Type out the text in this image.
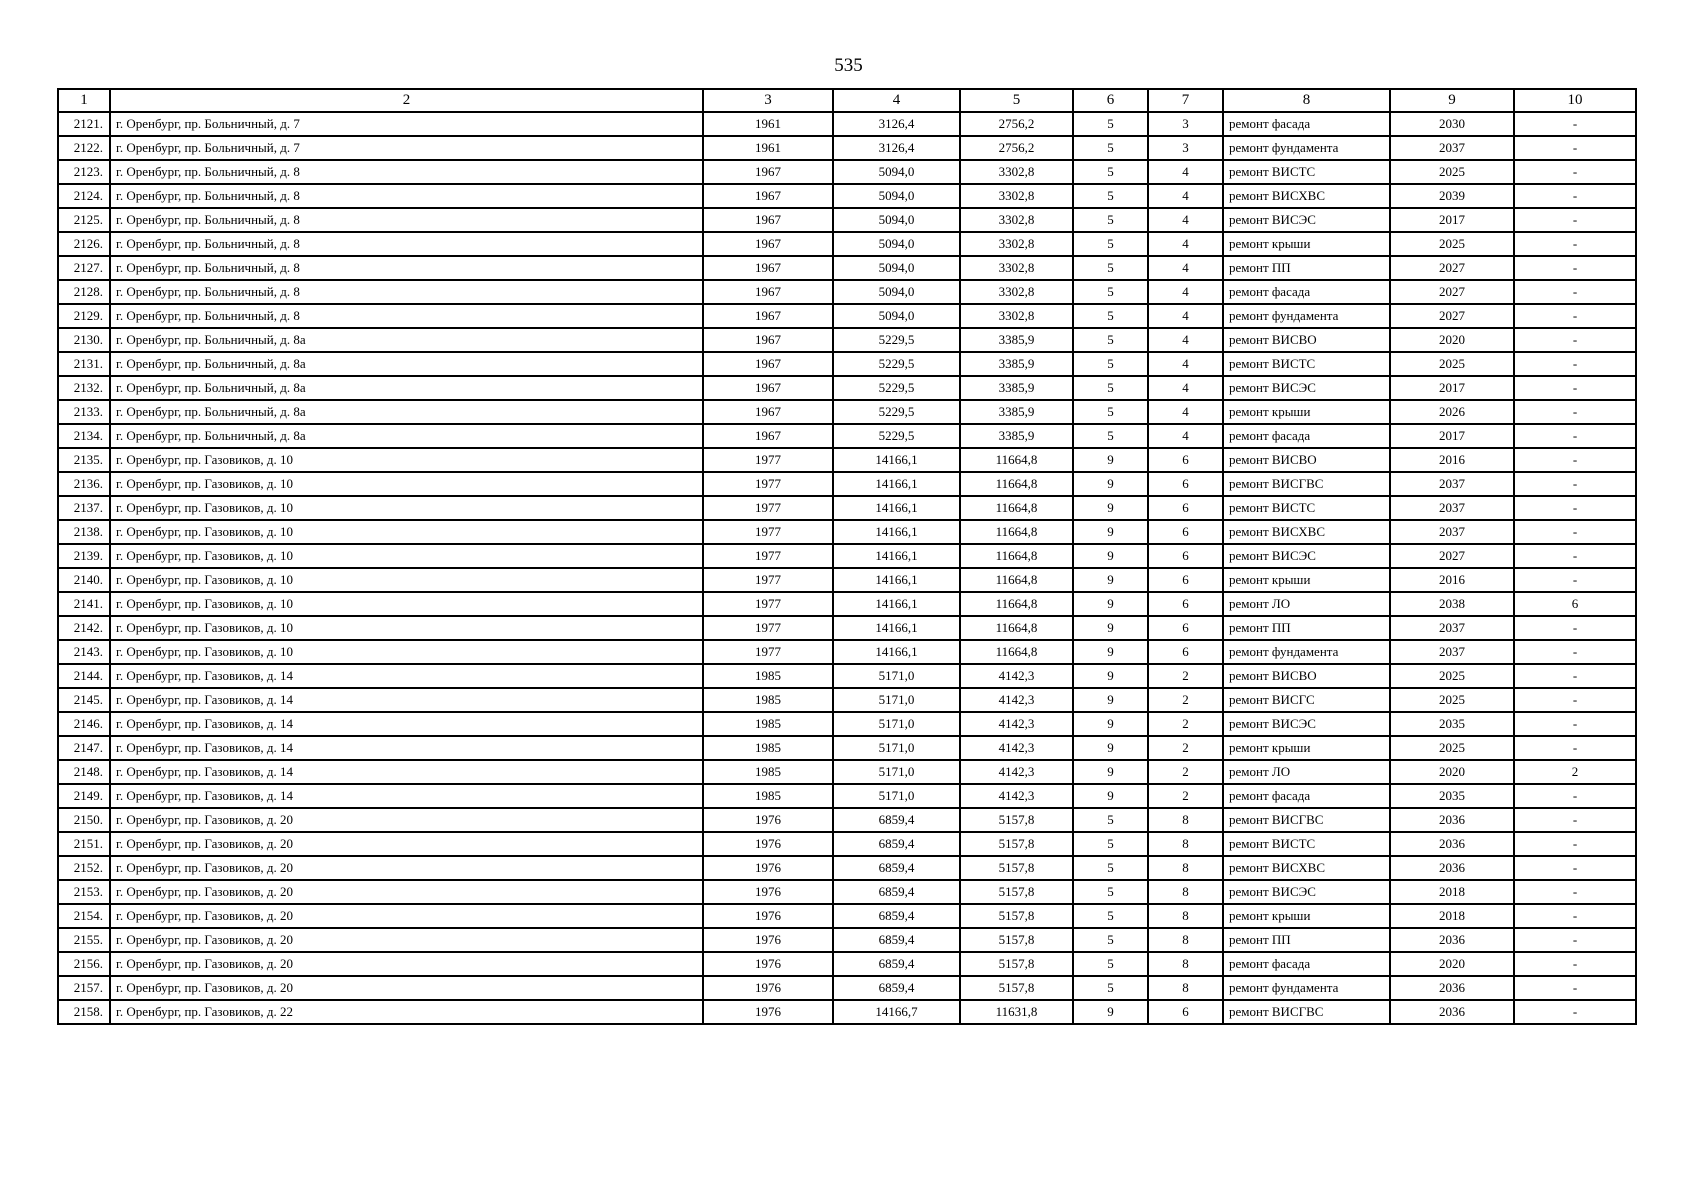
535
1	2	3	4	5	6	7	8	9	10
2121.	г. Оренбург, пр. Больничный, д. 7	1961	3126,4	2756,2	5	3	ремонт фасада	2030	-
2122.	г. Оренбург, пр. Больничный, д. 7	1961	3126,4	2756,2	5	3	ремонт фундамента	2037	-
2123.	г. Оренбург, пр. Больничный, д. 8	1967	5094,0	3302,8	5	4	ремонт ВИСТС	2025	-
2124.	г. Оренбург, пр. Больничный, д. 8	1967	5094,0	3302,8	5	4	ремонт ВИСХВС	2039	-
2125.	г. Оренбург, пр. Больничный, д. 8	1967	5094,0	3302,8	5	4	ремонт ВИСЭС	2017	-
2126.	г. Оренбург, пр. Больничный, д. 8	1967	5094,0	3302,8	5	4	ремонт крыши	2025	-
2127.	г. Оренбург, пр. Больничный, д. 8	1967	5094,0	3302,8	5	4	ремонт ПП	2027	-
2128.	г. Оренбург, пр. Больничный, д. 8	1967	5094,0	3302,8	5	4	ремонт фасада	2027	-
2129.	г. Оренбург, пр. Больничный, д. 8	1967	5094,0	3302,8	5	4	ремонт фундамента	2027	-
2130.	г. Оренбург, пр. Больничный, д. 8а	1967	5229,5	3385,9	5	4	ремонт ВИСВО	2020	-
2131.	г. Оренбург, пр. Больничный, д. 8а	1967	5229,5	3385,9	5	4	ремонт ВИСТС	2025	-
2132.	г. Оренбург, пр. Больничный, д. 8а	1967	5229,5	3385,9	5	4	ремонт ВИСЭС	2017	-
2133.	г. Оренбург, пр. Больничный, д. 8а	1967	5229,5	3385,9	5	4	ремонт крыши	2026	-
2134.	г. Оренбург, пр. Больничный, д. 8а	1967	5229,5	3385,9	5	4	ремонт фасада	2017	-
2135.	г. Оренбург, пр. Газовиков, д. 10	1977	14166,1	11664,8	9	6	ремонт ВИСВО	2016	-
2136.	г. Оренбург, пр. Газовиков, д. 10	1977	14166,1	11664,8	9	6	ремонт ВИСГВС	2037	-
2137.	г. Оренбург, пр. Газовиков, д. 10	1977	14166,1	11664,8	9	6	ремонт ВИСТС	2037	-
2138.	г. Оренбург, пр. Газовиков, д. 10	1977	14166,1	11664,8	9	6	ремонт ВИСХВС	2037	-
2139.	г. Оренбург, пр. Газовиков, д. 10	1977	14166,1	11664,8	9	6	ремонт ВИСЭС	2027	-
2140.	г. Оренбург, пр. Газовиков, д. 10	1977	14166,1	11664,8	9	6	ремонт крыши	2016	-
2141.	г. Оренбург, пр. Газовиков, д. 10	1977	14166,1	11664,8	9	6	ремонт ЛО	2038	6
2142.	г. Оренбург, пр. Газовиков, д. 10	1977	14166,1	11664,8	9	6	ремонт ПП	2037	-
2143.	г. Оренбург, пр. Газовиков, д. 10	1977	14166,1	11664,8	9	6	ремонт фундамента	2037	-
2144.	г. Оренбург, пр. Газовиков, д. 14	1985	5171,0	4142,3	9	2	ремонт ВИСВО	2025	-
2145.	г. Оренбург, пр. Газовиков, д. 14	1985	5171,0	4142,3	9	2	ремонт ВИСГС	2025	-
2146.	г. Оренбург, пр. Газовиков, д. 14	1985	5171,0	4142,3	9	2	ремонт ВИСЭС	2035	-
2147.	г. Оренбург, пр. Газовиков, д. 14	1985	5171,0	4142,3	9	2	ремонт крыши	2025	-
2148.	г. Оренбург, пр. Газовиков, д. 14	1985	5171,0	4142,3	9	2	ремонт ЛО	2020	2
2149.	г. Оренбург, пр. Газовиков, д. 14	1985	5171,0	4142,3	9	2	ремонт фасада	2035	-
2150.	г. Оренбург, пр. Газовиков, д. 20	1976	6859,4	5157,8	5	8	ремонт ВИСГВС	2036	-
2151.	г. Оренбург, пр. Газовиков, д. 20	1976	6859,4	5157,8	5	8	ремонт ВИСТС	2036	-
2152.	г. Оренбург, пр. Газовиков, д. 20	1976	6859,4	5157,8	5	8	ремонт ВИСХВС	2036	-
2153.	г. Оренбург, пр. Газовиков, д. 20	1976	6859,4	5157,8	5	8	ремонт ВИСЭС	2018	-
2154.	г. Оренбург, пр. Газовиков, д. 20	1976	6859,4	5157,8	5	8	ремонт крыши	2018	-
2155.	г. Оренбург, пр. Газовиков, д. 20	1976	6859,4	5157,8	5	8	ремонт ПП	2036	-
2156.	г. Оренбург, пр. Газовиков, д. 20	1976	6859,4	5157,8	5	8	ремонт фасада	2020	-
2157.	г. Оренбург, пр. Газовиков, д. 20	1976	6859,4	5157,8	5	8	ремонт фундамента	2036	-
2158.	г. Оренбург, пр. Газовиков, д. 22	1976	14166,7	11631,8	9	6	ремонт ВИСГВС	2036	-
